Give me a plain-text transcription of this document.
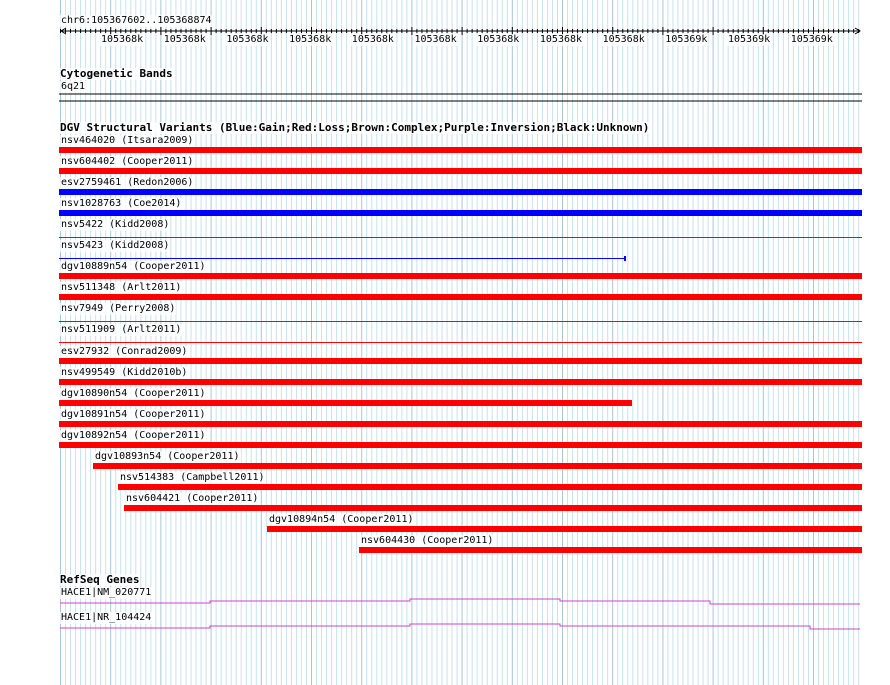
chr6:105367602..105368874
105368k 105368k 105368k 105368k 105368k 105368k 105368k 105368k 105368k 105369k 105369k 105369k
Cytogenetic Bands
6q21
DGV Structural Variants (Blue:Gain;Red:Loss;Brown:Complex;Purple:Inversion;Black:Unknown)
nsv464020 (Itsara2009)
nsv604402 (Cooper2011)
esv2759461 (Redon2006)
nsv1028763 (Coe2014)
nsv5422 (Kidd2008)
nsv5423 (Kidd2008)
dgv10889n54 (Cooper2011)
nsv511348 (Arlt2011)
nsv7949 (Perry2008)
nsv511909 (Arlt2011)
esv27932 (Conrad2009)
nsv499549 (Kidd2010b)
dgv10890n54 (Cooper2011)
dgv10891n54 (Cooper2011)
dgv10892n54 (Cooper2011)
dgv10893n54 (Cooper2011)
nsv514383 (Campbell2011)
nsv604421 (Cooper2011)
dgv10894n54 (Cooper2011)
nsv604430 (Cooper2011)
RefSeq Genes
HACE1|NM_020771
HACE1|NR_104424
